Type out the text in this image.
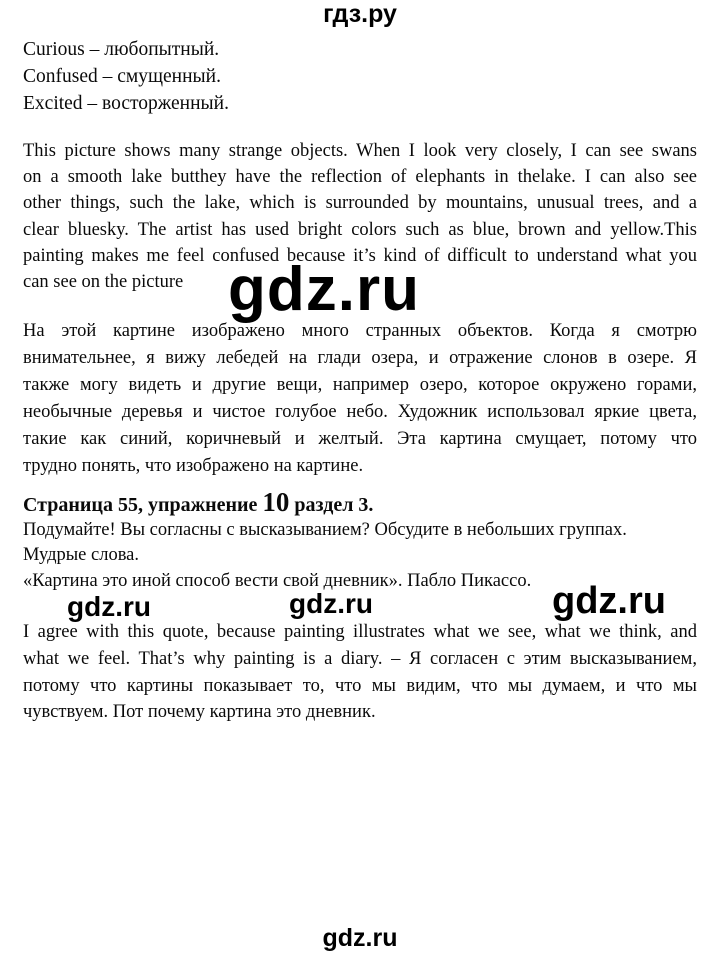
гдз.ру
Curious – любопытный.
Confused – смущенный.
Excited – восторженный.
This picture shows many strange objects. When I look very closely, I can see swans
on a smooth lake butthey have the reflection of elephants in thelake. I can also see
other things, such the lake, which is surrounded by mountains, unusual trees, and a
clear bluesky. The artist has used bright colors such as blue, brown and yellow.This
painting makes me feel confused because it’s kind of difficult to understand what you
can see on the picture gdz.ru
На этой картине изображено много странных объектов. Когда я смотрю
внимательнее, я вижу лебедей на глади озера, и отражение слонов в озере. Я
также могу видеть и другие вещи, например озеро, которое окружено горами,
необычные деревья и чистое голубое небо. Художник использовал яркие цвета,
такие как синий, коричневый и желтый. Эта картина смущает, потому что
трудно понять, что изображено на картине.
Страница 55, упражнение 10 раздел 3.
Подумайте! Вы согласны с высказыванием? Обсудите в небольших группах.
Мудрые слова.
«Картина это иной способ вести свой дневник». Пабло Пикассо.
gdz.ru	gdz.ru	gdz.ru
I agree with this quote, because painting illustrates what we see, what we think, and
what we feel. That’s why painting is a diary. – Я согласен с этим высказыванием,
потому что картины показывает то, что мы видим, что мы думаем, и что мы
чувствуем. Пот почему картина это дневник.
gdz.ru
